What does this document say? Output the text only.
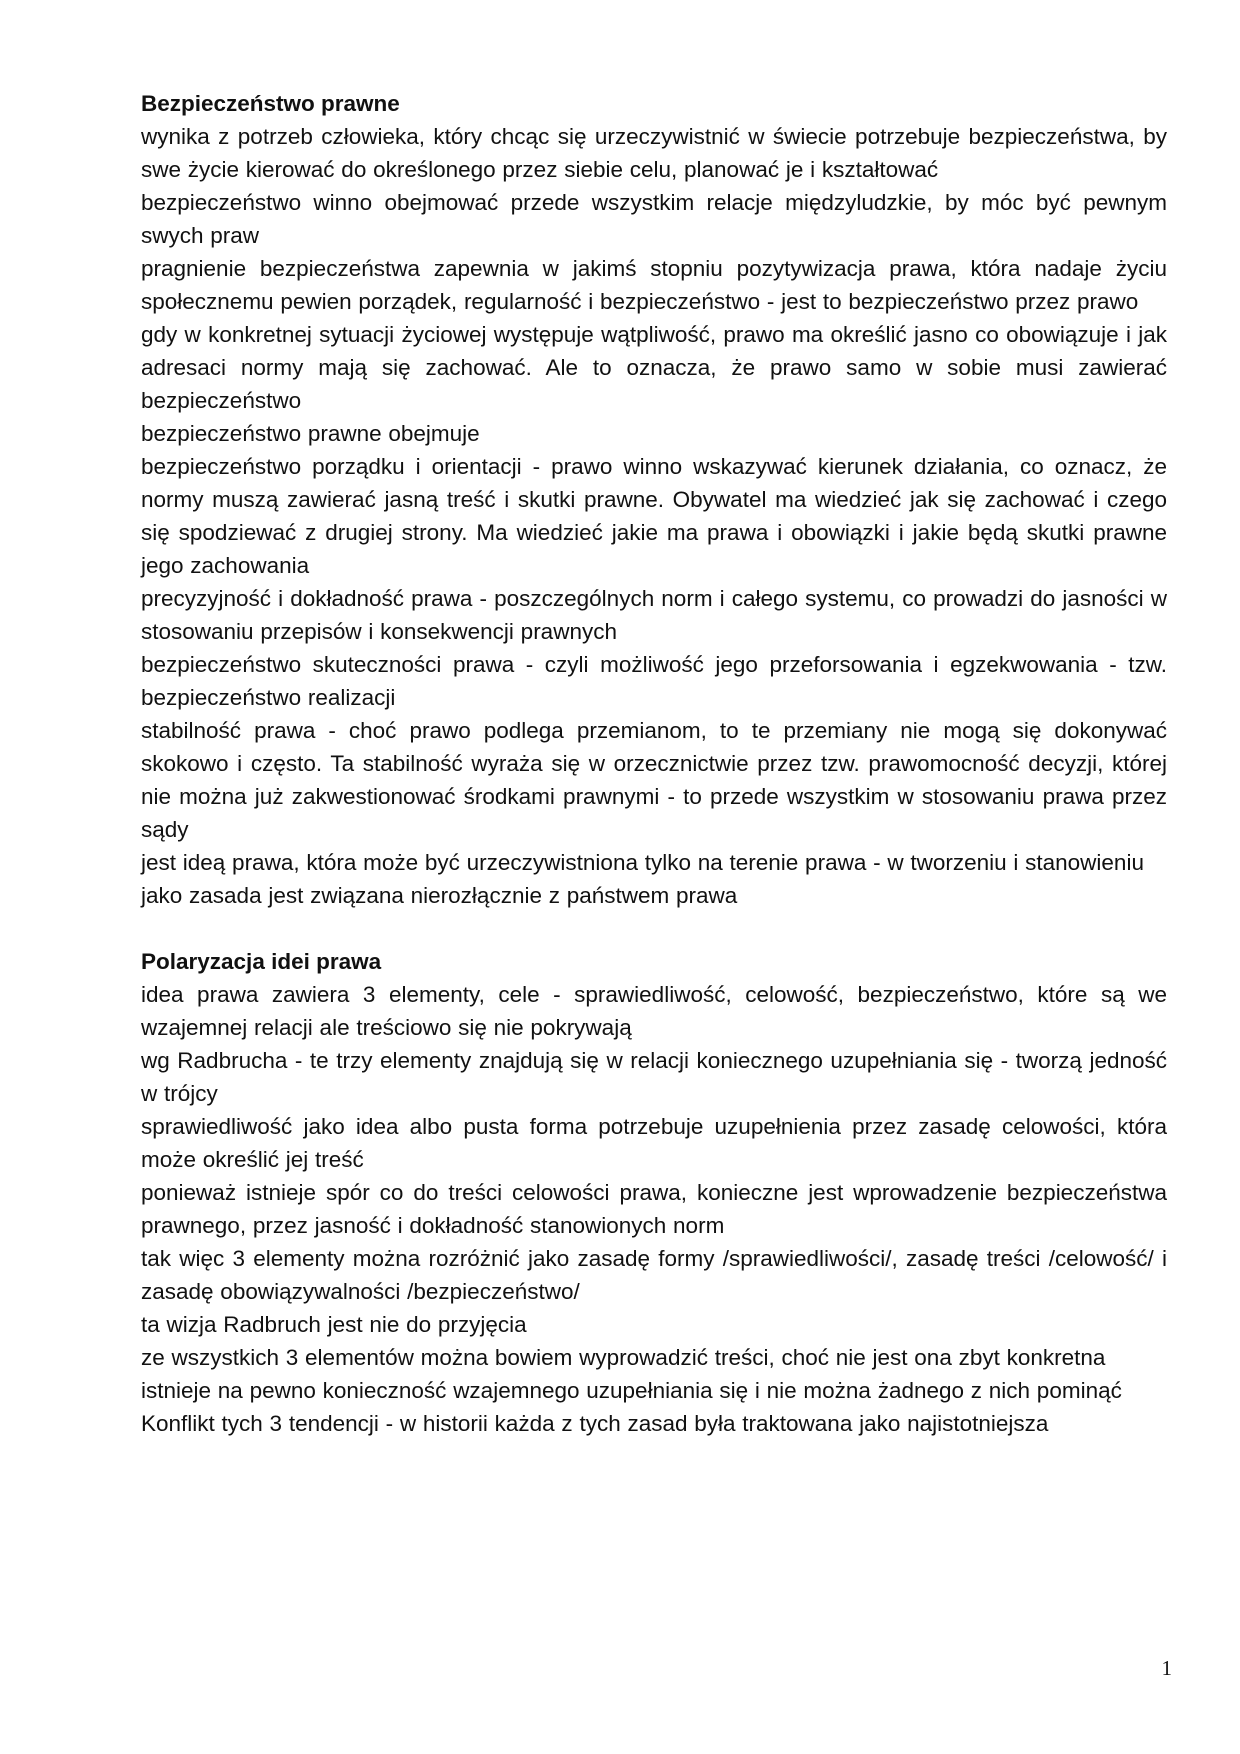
Bezpieczeństwo prawne

wynika z potrzeb człowieka, który chcąc się urzeczywistnić w świecie potrzebuje bezpieczeństwa, by swe życie kierować do określonego przez siebie celu, planować je i kształtować

bezpieczeństwo winno obejmować przede wszystkim relacje międzyludzkie, by móc być pewnym swych praw

pragnienie bezpieczeństwa zapewnia w jakimś stopniu pozytywizacja prawa, która nadaje życiu społecznemu pewien porządek, regularność i bezpieczeństwo - jest to bezpieczeństwo przez prawo

gdy w konkretnej sytuacji życiowej występuje wątpliwość, prawo ma określić jasno co obowiązuje i jak adresaci normy mają się zachować. Ale to oznacza, że prawo samo w sobie musi zawierać bezpieczeństwo

bezpieczeństwo prawne obejmuje

bezpieczeństwo porządku i orientacji - prawo winno wskazywać kierunek działania, co oznacz, że normy muszą zawierać jasną treść i skutki prawne. Obywatel ma wiedzieć jak się zachować i czego się spodziewać z drugiej strony. Ma wiedzieć jakie ma prawa i obowiązki i jakie będą skutki prawne jego zachowania

precyzyjność i dokładność prawa - poszczególnych norm i całego systemu, co prowadzi do jasności w stosowaniu przepisów i konsekwencji prawnych

bezpieczeństwo skuteczności prawa - czyli możliwość jego przeforsowania i egzekwowania - tzw. bezpieczeństwo realizacji

stabilność prawa - choć prawo podlega przemianom, to te przemiany nie mogą się dokonywać skokowo i często. Ta stabilność wyraża się w orzecznictwie przez tzw. prawomocność decyzji, której nie można już zakwestionować środkami prawnymi - to przede wszystkim w stosowaniu prawa przez sądy

jest ideą prawa, która może być urzeczywistniona tylko na terenie prawa - w tworzeniu i stanowieniu

jako zasada jest związana nierozłącznie z państwem prawa

Polaryzacja idei prawa

idea prawa zawiera 3 elementy, cele - sprawiedliwość, celowość, bezpieczeństwo, które są we wzajemnej relacji ale treściowo się nie pokrywają

wg Radbrucha - te trzy elementy znajdują się w relacji koniecznego uzupełniania się - tworzą jedność w trójcy

sprawiedliwość jako idea albo pusta forma potrzebuje uzupełnienia przez zasadę celowości, która może określić jej treść

ponieważ istnieje spór co do treści celowości prawa, konieczne jest wprowadzenie bezpieczeństwa prawnego, przez jasność i dokładność stanowionych norm

tak więc 3 elementy można rozróżnić jako zasadę formy /sprawiedliwości/, zasadę treści /celowość/ i zasadę obowiązywalności /bezpieczeństwo/

ta wizja Radbruch jest nie do przyjęcia

ze wszystkich 3 elementów można bowiem wyprowadzić treści, choć nie jest ona zbyt konkretna

istnieje na pewno konieczność wzajemnego uzupełniania się i nie można żadnego z nich pominąć

Konflikt tych 3 tendencji - w historii każda z tych zasad była traktowana jako najistotniejsza

1
